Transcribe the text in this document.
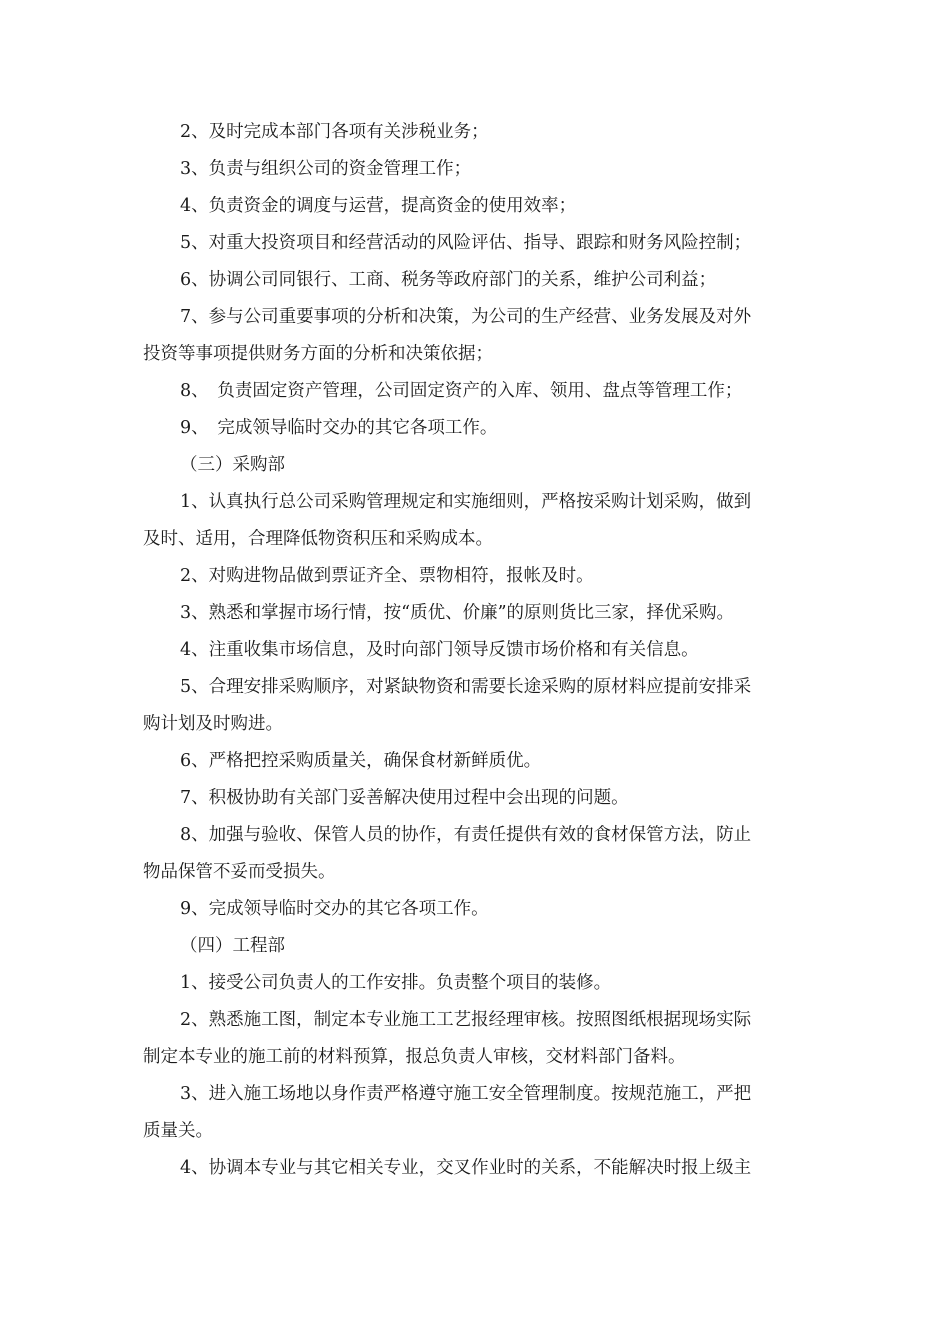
2、及时完成本部门各项有关涉税业务；
3、负责与组织公司的资金管理工作；
4、负责资金的调度与运营，提高资金的使用效率；
5、对重大投资项目和经营活动的风险评估、指导、跟踪和财务风险控制；
6、协调公司同银行、工商、税务等政府部门的关系，维护公司利益；
7、参与公司重要事项的分析和决策，为公司的生产经营、业务发展及对外
投资等事项提供财务方面的分析和决策依据；
8、　负责固定资产管理，公司固定资产的入库、领用、盘点等管理工作；
9、　完成领导临时交办的其它各项工作。
（三）采购部
1、认真执行总公司采购管理规定和实施细则，严格按采购计划采购，做到
及时、适用，合理降低物资积压和采购成本。
2、对购进物品做到票证齐全、票物相符，报帐及时。
3、熟悉和掌握市场行情，按“质优、价廉”的原则货比三家，择优采购。
4、注重收集市场信息，及时向部门领导反馈市场价格和有关信息。
5、合理安排采购顺序，对紧缺物资和需要长途采购的原材料应提前安排采
购计划及时购进。
6、严格把控采购质量关，确保食材新鲜质优。
7、积极协助有关部门妥善解决使用过程中会出现的问题。
8、加强与验收、保管人员的协作，有责任提供有效的食材保管方法，防止
物品保管不妥而受损失。
9、完成领导临时交办的其它各项工作。
（四）工程部
1、接受公司负责人的工作安排。负责整个项目的装修。
2、熟悉施工图，制定本专业施工工艺报经理审核。按照图纸根据现场实际
制定本专业的施工前的材料预算，报总负责人审核，交材料部门备料。
3、进入施工场地以身作责严格遵守施工安全管理制度。按规范施工，严把
质量关。
4、协调本专业与其它相关专业，交叉作业时的关系，不能解决时报上级主
